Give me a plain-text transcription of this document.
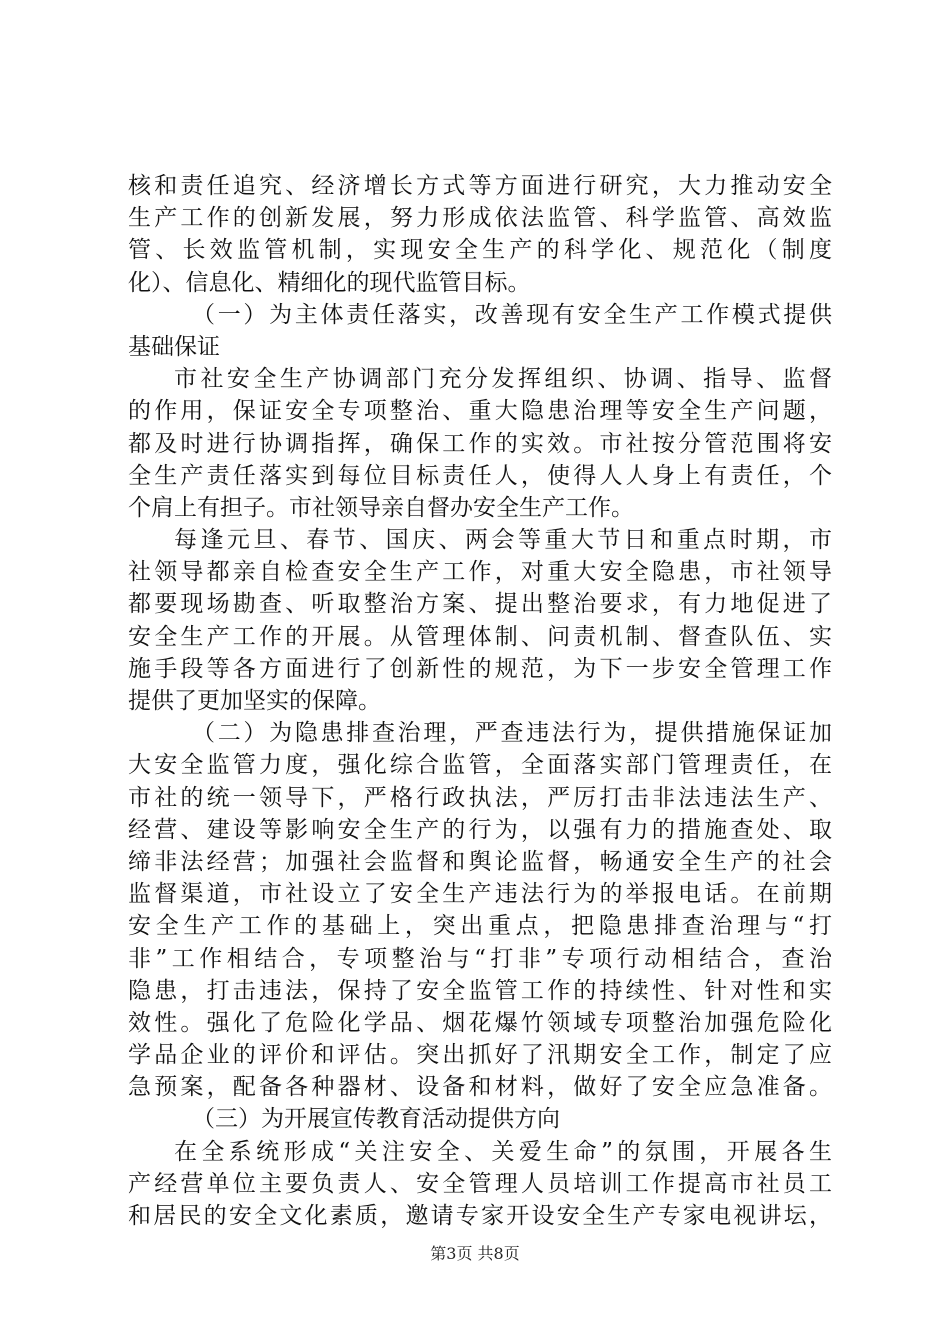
核和责任追究、经济增长方式等方面进行研究，大力推动安全
生产工作的创新发展，努力形成依法监管、科学监管、高效监
管、长效监管机制，实现安全生产的科学化、规范化（制度
化）、信息化、精细化的现代监管目标。
（一）为主体责任落实，改善现有安全生产工作模式提供
基础保证
市社安全生产协调部门充分发挥组织、协调、指导、监督
的作用，保证安全专项整治、重大隐患治理等安全生产问题，
都及时进行协调指挥，确保工作的实效。市社按分管范围将安
全生产责任落实到每位目标责任人，使得人人身上有责任，个
个肩上有担子。市社领导亲自督办安全生产工作。
每逢元旦、春节、国庆、两会等重大节日和重点时期，市
社领导都亲自检查安全生产工作，对重大安全隐患，市社领导
都要现场勘查、听取整治方案、提出整治要求，有力地促进了
安全生产工作的开展。从管理体制、问责机制、督查队伍、实
施手段等各方面进行了创新性的规范，为下一步安全管理工作
提供了更加坚实的保障。
（二）为隐患排查治理，严查违法行为，提供措施保证加
大安全监管力度，强化综合监管，全面落实部门管理责任，在
市社的统一领导下，严格行政执法，严厉打击非法违法生产、
经营、建设等影响安全生产的行为，以强有力的措施查处、取
缔非法经营；加强社会监督和舆论监督，畅通安全生产的社会
监督渠道，市社设立了安全生产违法行为的举报电话。在前期
安全生产工作的基础上，突出重点，把隐患排查治理与“打
非”工作相结合，专项整治与“打非”专项行动相结合，查治
隐患，打击违法，保持了安全监管工作的持续性、针对性和实
效性。强化了危险化学品、烟花爆竹领域专项整治加强危险化
学品企业的评价和评估。突出抓好了汛期安全工作，制定了应
急预案，配备各种器材、设备和材料，做好了安全应急准备。
（三）为开展宣传教育活动提供方向
在全系统形成“关注安全、关爱生命”的氛围，开展各生
产经营单位主要负责人、安全管理人员培训工作提高市社员工
和居民的安全文化素质，邀请专家开设安全生产专家电视讲坛，
第3页 共8页
